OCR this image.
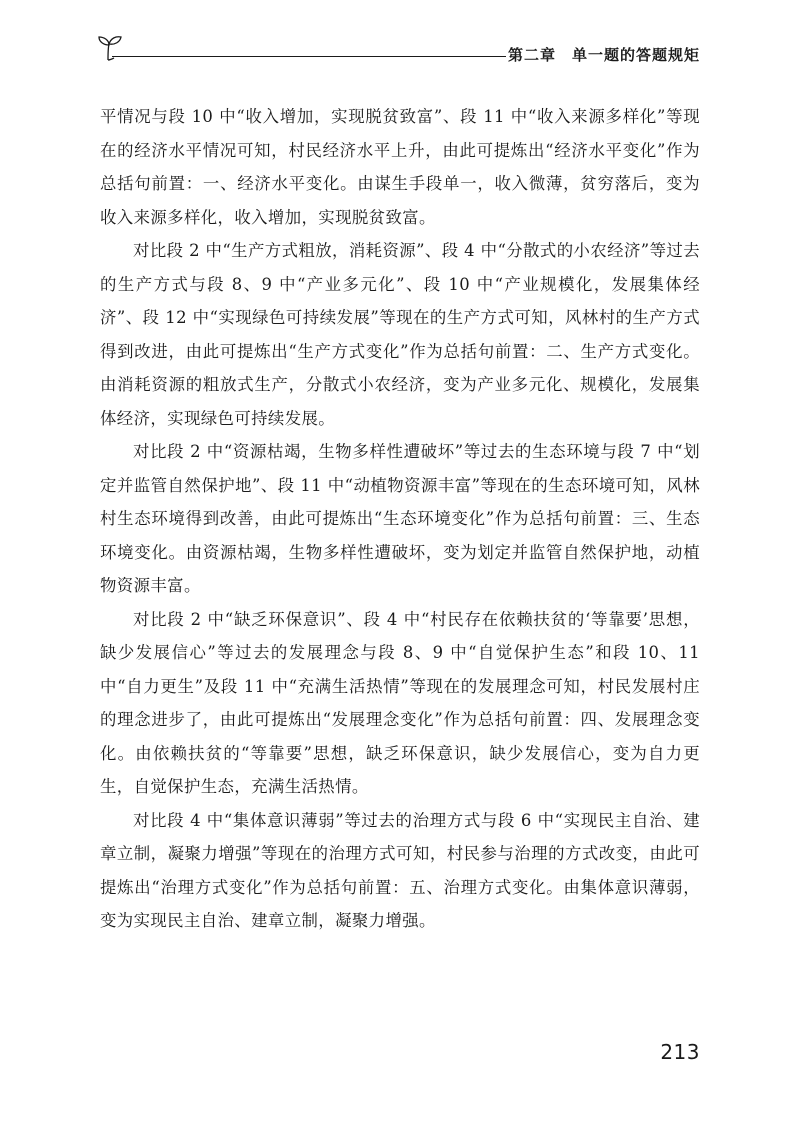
第二章 单一题的答题规矩

平情况与段 10 中“收入增加，实现脱贫致富”、段 11 中“收入来源多样化”等现在的经济水平情况可知，村民经济水平上升，由此可提炼出“经济水平变化”作为总括句前置：一、经济水平变化。由谋生手段单一，收入微薄，贫穷落后，变为收入来源多样化，收入增加，实现脱贫致富。

对比段 2 中“生产方式粗放，消耗资源”、段 4 中“分散式的小农经济”等过去的生产方式与段 8、9 中“产业多元化”、段 10 中“产业规模化，发展集体经济”、段 12 中“实现绿色可持续发展”等现在的生产方式可知，风林村的生产方式得到改进，由此可提炼出“生产方式变化”作为总括句前置：二、生产方式变化。由消耗资源的粗放式生产，分散式小农经济，变为产业多元化、规模化，发展集体经济，实现绿色可持续发展。

对比段 2 中“资源枯竭，生物多样性遭破坏”等过去的生态环境与段 7 中“划定并监管自然保护地”、段 11 中“动植物资源丰富”等现在的生态环境可知，风林村生态环境得到改善，由此可提炼出“生态环境变化”作为总括句前置：三、生态环境变化。由资源枯竭，生物多样性遭破坏，变为划定并监管自然保护地，动植物资源丰富。

对比段 2 中“缺乏环保意识”、段 4 中“村民存在依赖扶贫的‘等靠要’思想，缺少发展信心”等过去的发展理念与段 8、9 中“自觉保护生态”和段 10、11 中“自力更生”及段 11 中“充满生活热情”等现在的发展理念可知，村民发展村庄的理念进步了，由此可提炼出“发展理念变化”作为总括句前置：四、发展理念变化。由依赖扶贫的“等靠要”思想，缺乏环保意识，缺少发展信心，变为自力更生，自觉保护生态，充满生活热情。

对比段 4 中“集体意识薄弱”等过去的治理方式与段 6 中“实现民主自治、建章立制，凝聚力增强”等现在的治理方式可知，村民参与治理的方式改变，由此可提炼出“治理方式变化”作为总括句前置：五、治理方式变化。由集体意识薄弱，变为实现民主自治、建章立制，凝聚力增强。

213
